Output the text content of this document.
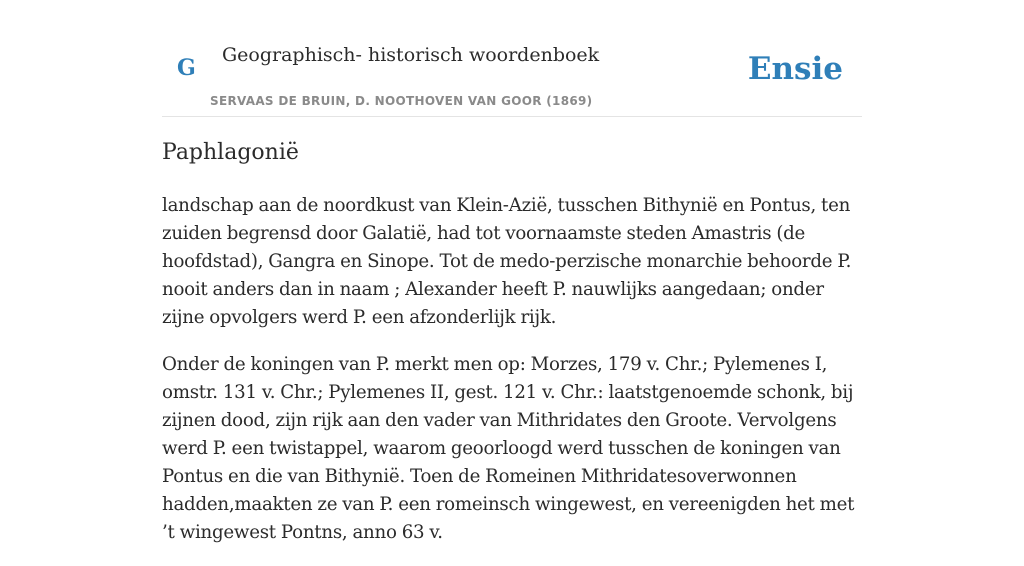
G Geographisch- historisch woordenboek
SERVAAS DE BRUIN, D. NOOTHOVEN VAN GOOR (1869)
Ensie
Paphlagonië

landschap aan de noordkust van Klein-Azië, tusschen Bithynië en Pontus, ten zuiden begrensd door Galatië, had tot voornaamste steden Amastris (de hoofdstad), Gangra en Sinope. Tot de medo-perzische monarchie behoorde P. nooit anders dan in naam ; Alexander heeft P. nauwlijks aangedaan; onder zijne opvolgers werd P. een afzonderlijk rijk.

Onder de koningen van P. merkt men op: Morzes, 179 v. Chr.; Pylemenes I, omstr. 131 v. Chr.; Pylemenes II, gest. 121 v. Chr.: laatstgenoemde schonk, bij zijnen dood, zijn rijk aan den vader van Mithridates den Groote. Vervolgens werd P. een twistappel, waarom geoorloogd werd tusschen de koningen van Pontus en die van Bithynië. Toen de Romeinen Mithridatesoverwonnen hadden,maakten ze van P. een romeinsch wingewest, en vereenigden het met ’t wingewest Pontns, anno 63 v.
